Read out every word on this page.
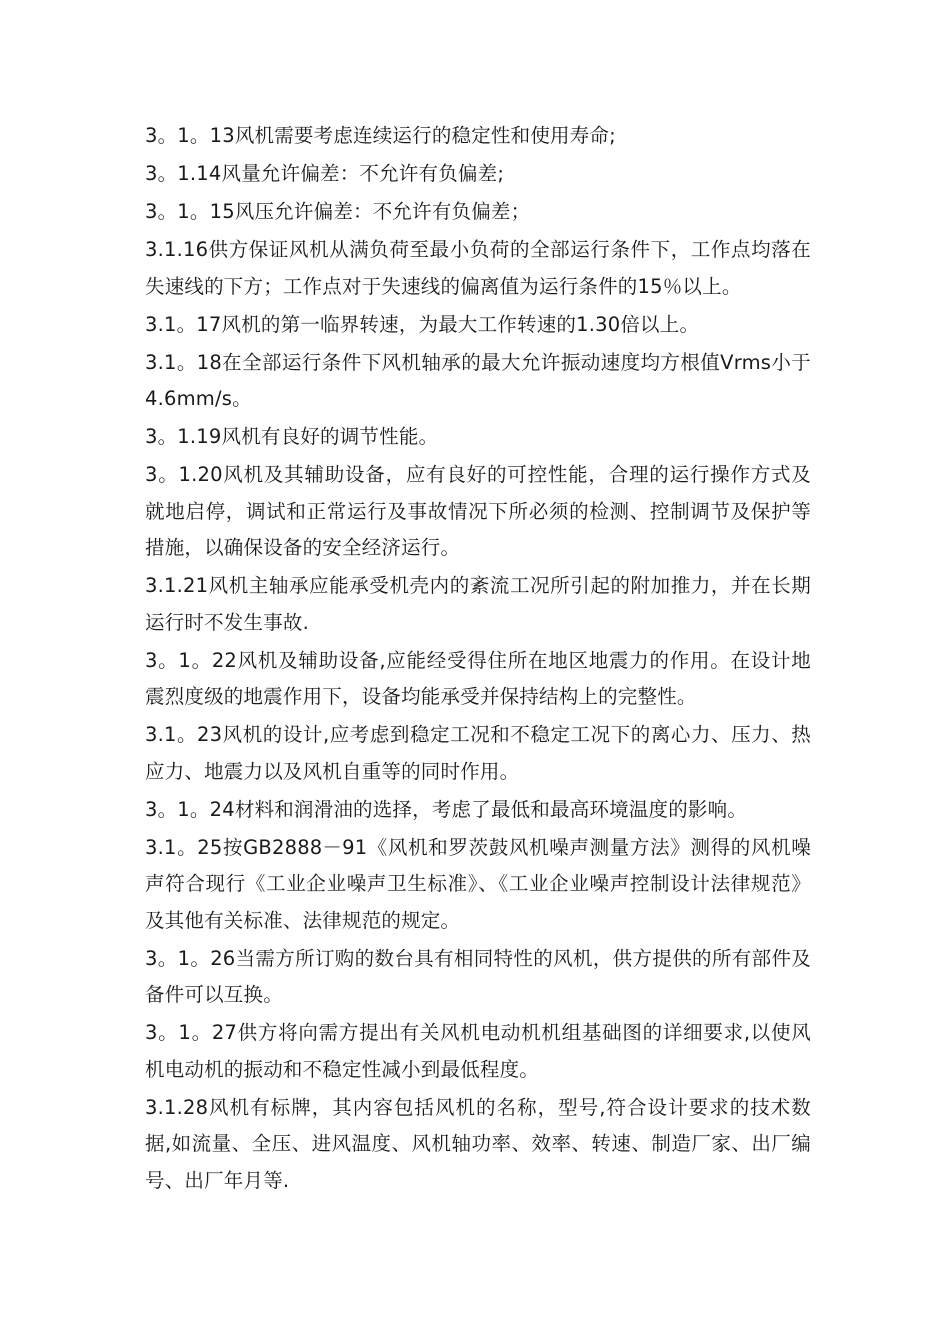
3。1。13风机需要考虑连续运行的稳定性和使用寿命;

3。1.14风量允许偏差：不允许有负偏差;

3。1。15风压允许偏差：不允许有负偏差；

3.1.16供方保证风机从满负荷至最小负荷的全部运行条件下，工作点均落在失速线的下方；工作点对于失速线的偏离值为运行条件的15％以上。

3.1。17风机的第一临界转速，为最大工作转速的1.30倍以上。

3.1。18在全部运行条件下风机轴承的最大允许振动速度均方根值Vrms小于4.6mm/s。

3。1.19风机有良好的调节性能。

3。1.20风机及其辅助设备，应有良好的可控性能，合理的运行操作方式及就地启停，调试和正常运行及事故情况下所必须的检测、控制调节及保护等措施，以确保设备的安全经济运行。

3.1.21风机主轴承应能承受机壳内的紊流工况所引起的附加推力，并在长期运行时不发生事故.

3。1。22风机及辅助设备,应能经受得住所在地区地震力的作用。在设计地震烈度级的地震作用下，设备均能承受并保持结构上的完整性。

3.1。23风机的设计,应考虑到稳定工况和不稳定工况下的离心力、压力、热应力、地震力以及风机自重等的同时作用。

3。1。24材料和润滑油的选择，考虑了最低和最高环境温度的影响。

3.1。25按GB2888－91《风机和罗茨鼓风机噪声测量方法》测得的风机噪声符合现行《工业企业噪声卫生标准》、《工业企业噪声控制设计法律规范》及其他有关标准、法律规范的规定。

3。1。26当需方所订购的数台具有相同特性的风机，供方提供的所有部件及备件可以互换。

3。1。27供方将向需方提出有关风机电动机机组基础图的详细要求,以使风机电动机的振动和不稳定性减小到最低程度。

3.1.28风机有标牌，其内容包括风机的名称，型号,符合设计要求的技术数据,如流量、全压、进风温度、风机轴功率、效率、转速、制造厂家、出厂编号、出厂年月等.
